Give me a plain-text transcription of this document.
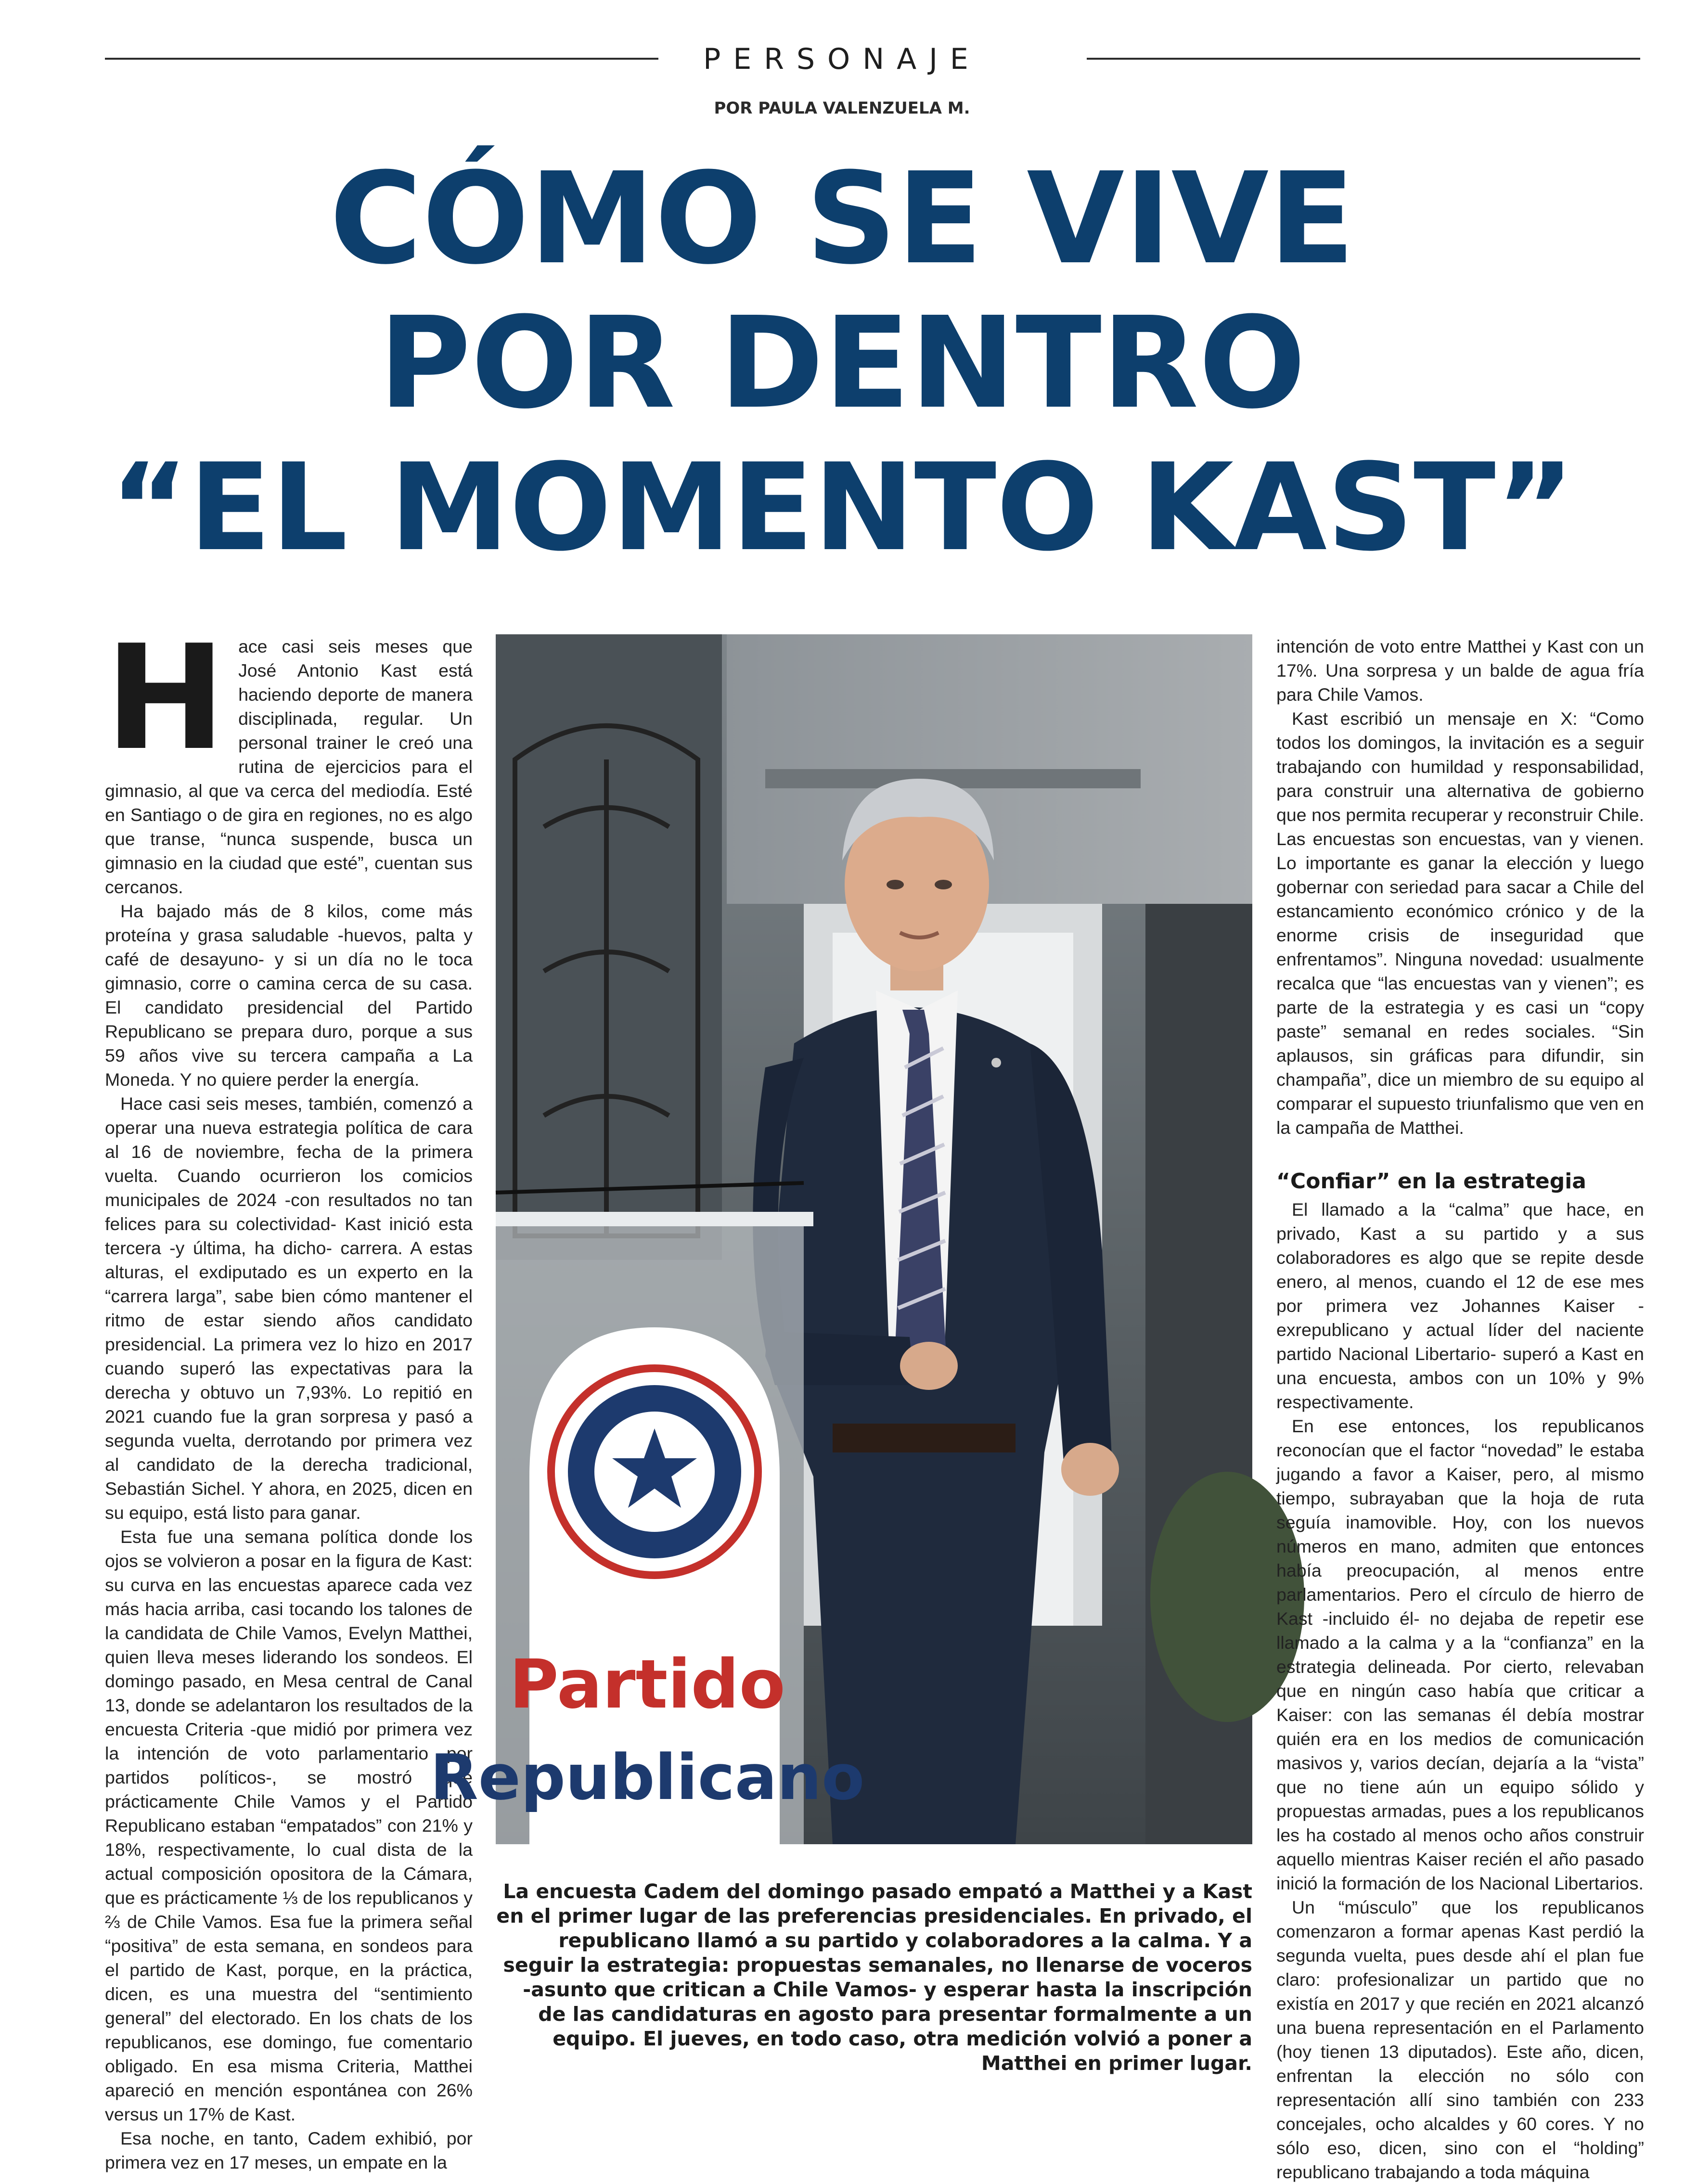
PERSONAJE
POR PAULA VALENZUELA M.
CÓMO SE VIVE
POR DENTRO
“EL MOMENTO KAST”
H ace casi seis meses que José Antonio Kast está haciendo deporte de manera disciplinada, regular. Un personal trainer le creó una rutina de ejercicios para el gimnasio, al que va cerca del mediodía. Esté en Santiago o de gira en regiones, no es algo que transe, “nunca suspende, busca un gimnasio en la ciudad que esté”, cuentan sus cercanos.

Ha bajado más de 8 kilos, come más proteína y grasa saludable -huevos, palta y café de desayuno- y si un día no le toca gimnasio, corre o camina cerca de su casa. El candidato presidencial del Partido Republicano se prepara duro, porque a sus 59 años vive su tercera campaña a La Moneda. Y no quiere perder la energía.

Hace casi seis meses, también, comenzó a operar una nueva estrategia política de cara al 16 de noviembre, fecha de la primera vuelta. Cuando ocurrieron los comicios municipales de 2024 -con resultados no tan felices para su colectividad- Kast inició esta tercera -y última, ha dicho- carrera. A estas alturas, el exdiputado es un experto en la “carrera larga”, sabe bien cómo mantener el ritmo de estar siendo años candidato presidencial. La primera vez lo hizo en 2017 cuando superó las expectativas para la derecha y obtuvo un 7,93%. Lo repitió en 2021 cuando fue la gran sorpresa y pasó a segunda vuelta, derrotando por primera vez al candidato de la derecha tradicional, Sebastián Sichel. Y ahora, en 2025, dicen en su equipo, está listo para ganar.

Esta fue una semana política donde los ojos se volvieron a posar en la figura de Kast: su curva en las encuestas aparece cada vez más hacia arriba, casi tocando los talones de la candidata de Chile Vamos, Evelyn Matthei, quien lleva meses liderando los sondeos. El domingo pasado, en Mesa central de Canal 13, donde se adelantaron los resultados de la encuesta Criteria -que midió por primera vez la intención de voto parlamentario por partidos políticos-, se mostró que prácticamente Chile Vamos y el Partido Republicano estaban “empatados” con 21% y 18%, respectivamente, lo cual dista de la actual composición opositora de la Cámara, que es prácticamente ⅓ de los republicanos y ⅔ de Chile Vamos. Esa fue la primera señal “positiva” de esta semana, en sondeos para el partido de Kast, porque, en la práctica, dicen, es una muestra del “sentimiento general” del electorado. En los chats de los republicanos, ese domingo, fue comentario obligado. En esa misma Criteria, Matthei apareció en mención espontánea con 26% versus un 17% de Kast.

Esa noche, en tanto, Cadem exhibió, por primera vez en 17 meses, un empate en la

Partido
Republicano

intención de voto entre Matthei y Kast con un 17%. Una sorpresa y un balde de agua fría para Chile Vamos.

Kast escribió un mensaje en X: “Como todos los domingos, la invitación es a seguir trabajando con humildad y responsabilidad, para construir una alternativa de gobierno que nos permita recuperar y reconstruir Chile. Las encuestas son encuestas, van y vienen. Lo importante es ganar la elección y luego gobernar con seriedad para sacar a Chile del estancamiento económico crónico y de la enorme crisis de inseguridad que enfrentamos”. Ninguna novedad: usualmente recalca que “las encuestas van y vienen”; es parte de la estrategia y es casi un “copy paste” semanal en redes sociales. “Sin aplausos, sin gráficas para difundir, sin champaña”, dice un miembro de su equipo al comparar el supuesto triunfalismo que ven en la campaña de Matthei.

“Confiar” en la estrategia

El llamado a la “calma” que hace, en privado, Kast a su partido y a sus colaboradores es algo que se repite desde enero, al menos, cuando el 12 de ese mes por primera vez Johannes Kaiser -exrepublicano y actual líder del naciente partido Nacional Libertario- superó a Kast en una encuesta, ambos con un 10% y 9% respectivamente.

En ese entonces, los republicanos reconocían que el factor “novedad” le estaba jugando a favor a Kaiser, pero, al mismo tiempo, subrayaban que la hoja de ruta seguía inamovible. Hoy, con los nuevos números en mano, admiten que entonces había preocupación, al menos entre parlamentarios. Pero el círculo de hierro de Kast -incluido él- no dejaba de repetir ese llamado a la calma y a la “confianza” en la estrategia delineada. Por cierto, relevaban que en ningún caso había que criticar a Kaiser: con las semanas él debía mostrar quién era en los medios de comunicación masivos y, varios decían, dejaría a la “vista” que no tiene aún un equipo sólido y propuestas armadas, pues a los republicanos les ha costado al menos ocho años construir aquello mientras Kaiser recién el año pasado inició la formación de los Nacional Libertarios.

Un “músculo” que los republicanos comenzaron a formar apenas Kast perdió la segunda vuelta, pues desde ahí el plan fue claro: profesionalizar un partido que no existía en 2017 y que recién en 2021 alcanzó una buena representación en el Parlamento (hoy tienen 13 diputados). Este año, dicen, enfrentan la elección no sólo con representación allí sino también con 233 concejales, ocho alcaldes y 60 cores. Y no sólo eso, dicen, sino con el “holding” republicano trabajando a toda máquina

La encuesta Cadem del domingo pasado empató a Matthei y a Kast en el primer lugar de las preferencias presidenciales. En privado, el republicano llamó a su partido y colaboradores a la calma. Y a seguir la estrategia: propuestas semanales, no llenarse de voceros -asunto que critican a Chile Vamos- y esperar hasta la inscripción de las candidaturas en agosto para presentar formalmente a un equipo. El jueves, en todo caso, otra medición volvió a poner a Matthei en primer lugar.
